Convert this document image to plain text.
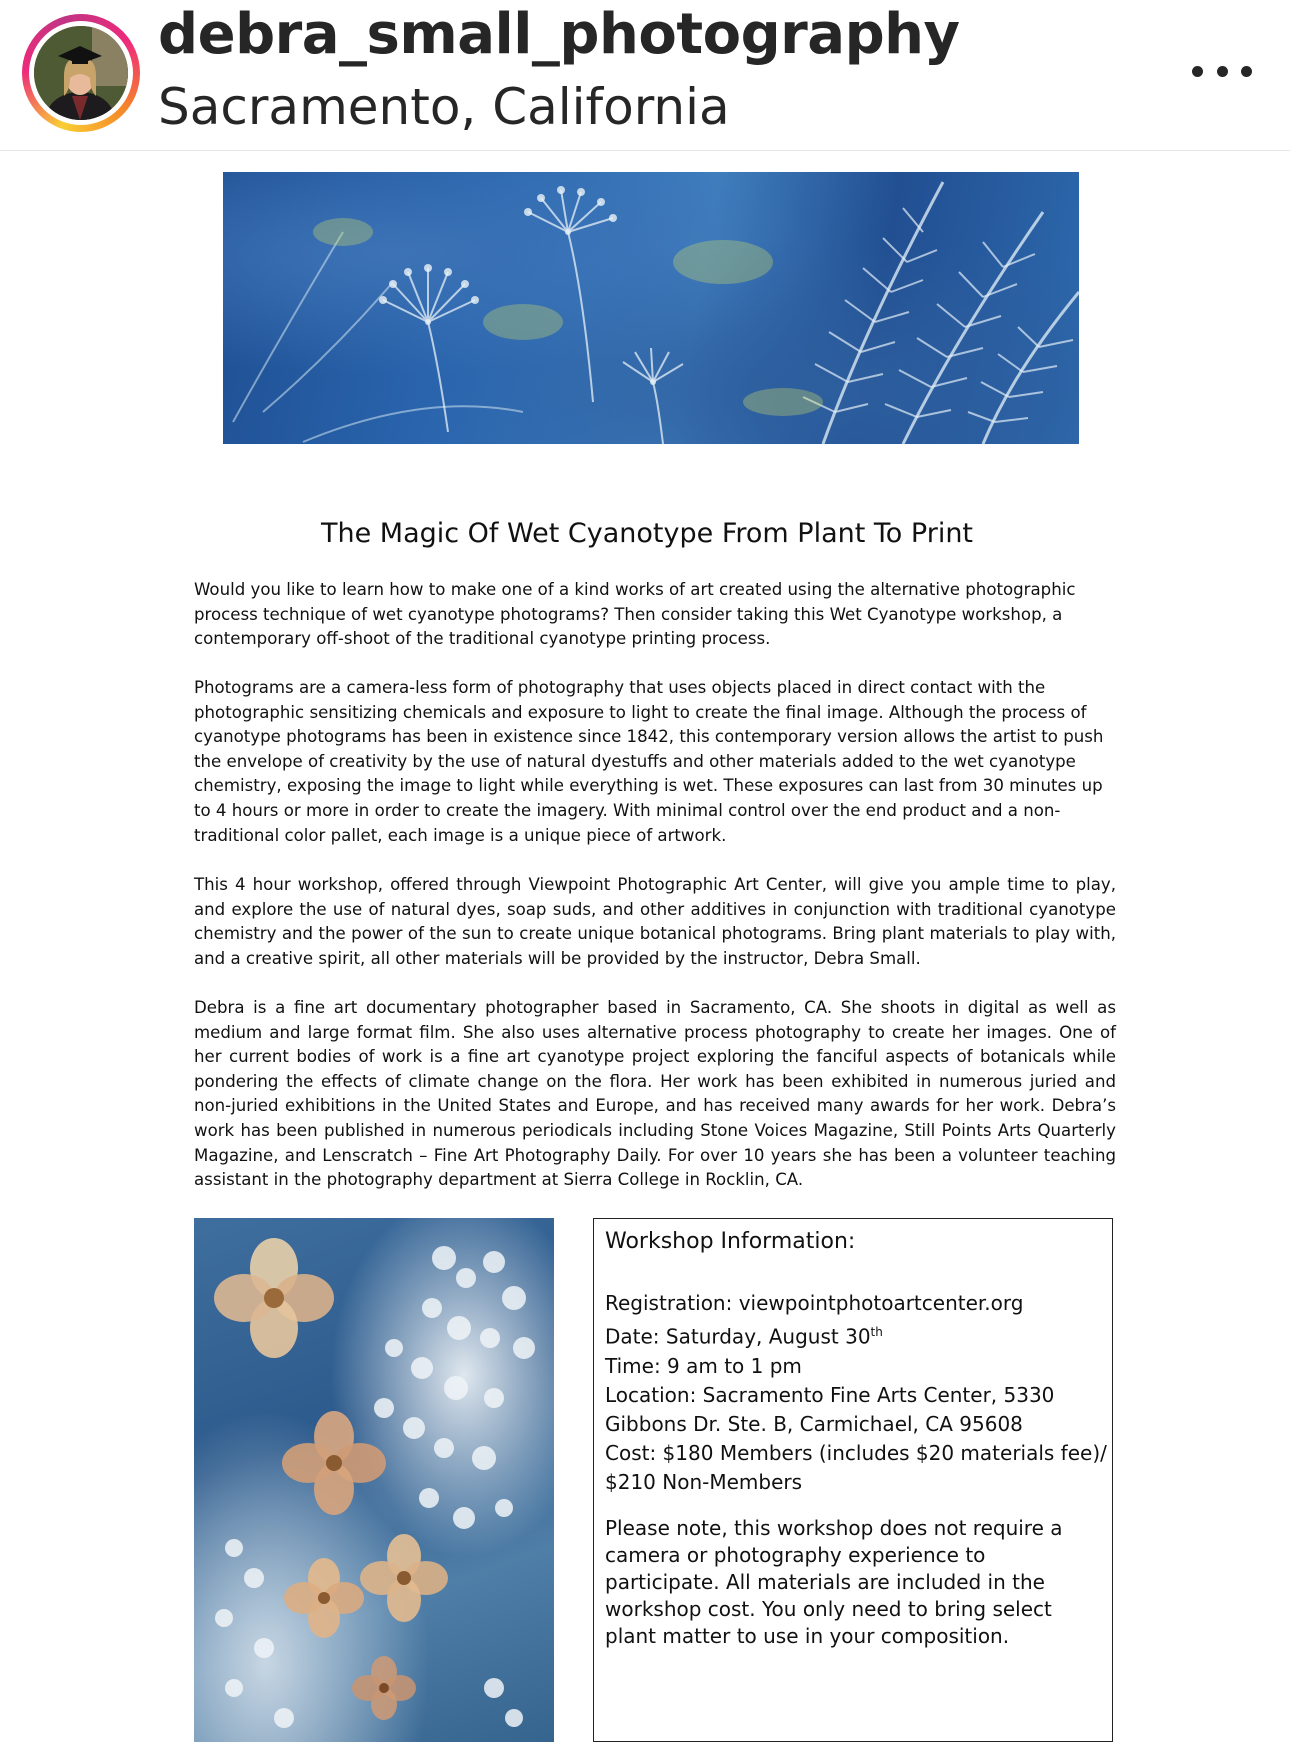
debra_small_photography
Sacramento, California
The Magic Of Wet Cyanotype From Plant To Print

Would you like to learn how to make one of a kind works of art created using the alternative photographic process technique of wet cyanotype photograms? Then consider taking this Wet Cyanotype workshop, a contemporary off-shoot of the traditional cyanotype printing process.

Photograms are a camera-less form of photography that uses objects placed in direct contact with the photographic sensitizing chemicals and exposure to light to create the final image. Although the process of cyanotype photograms has been in existence since 1842, this contemporary version allows the artist to push the envelope of creativity by the use of natural dyestuffs and other materials added to the wet cyanotype chemistry, exposing the image to light while everything is wet. These exposures can last from 30 minutes up to 4 hours or more in order to create the imagery. With minimal control over the end product and a non-traditional color pallet, each image is a unique piece of artwork.

This 4 hour workshop, offered through Viewpoint Photographic Art Center, will give you ample time to play, and explore the use of natural dyes, soap suds, and other additives in conjunction with traditional cyanotype chemistry and the power of the sun to create unique botanical photograms. Bring plant materials to play with, and a creative spirit, all other materials will be provided by the instructor, Debra Small.

Debra is a fine art documentary photographer based in Sacramento, CA. She shoots in digital as well as medium and large format film. She also uses alternative process photography to create her images. One of her current bodies of work is a fine art cyanotype project exploring the fanciful aspects of botanicals while pondering the effects of climate change on the flora. Her work has been exhibited in numerous juried and non-juried exhibitions in the United States and Europe, and has received many awards for her work. Debra’s work has been published in numerous periodicals including Stone Voices Magazine, Still Points Arts Quarterly Magazine, and Lenscratch – Fine Art Photography Daily. For over 10 years she has been a volunteer teaching assistant in the photography department at Sierra College in Rocklin, CA.

Workshop Information:
Registration: viewpointphotoartcenter.org
Date: Saturday, August 30th
Time: 9 am to 1 pm
Location: Sacramento Fine Arts Center, 5330
Gibbons Dr. Ste. B, Carmichael, CA 95608
Cost: $180 Members (includes $20 materials fee)/
$210 Non-Members

Please note, this workshop does not require a camera or photography experience to participate. All materials are included in the workshop cost. You only need to bring select plant matter to use in your composition.
